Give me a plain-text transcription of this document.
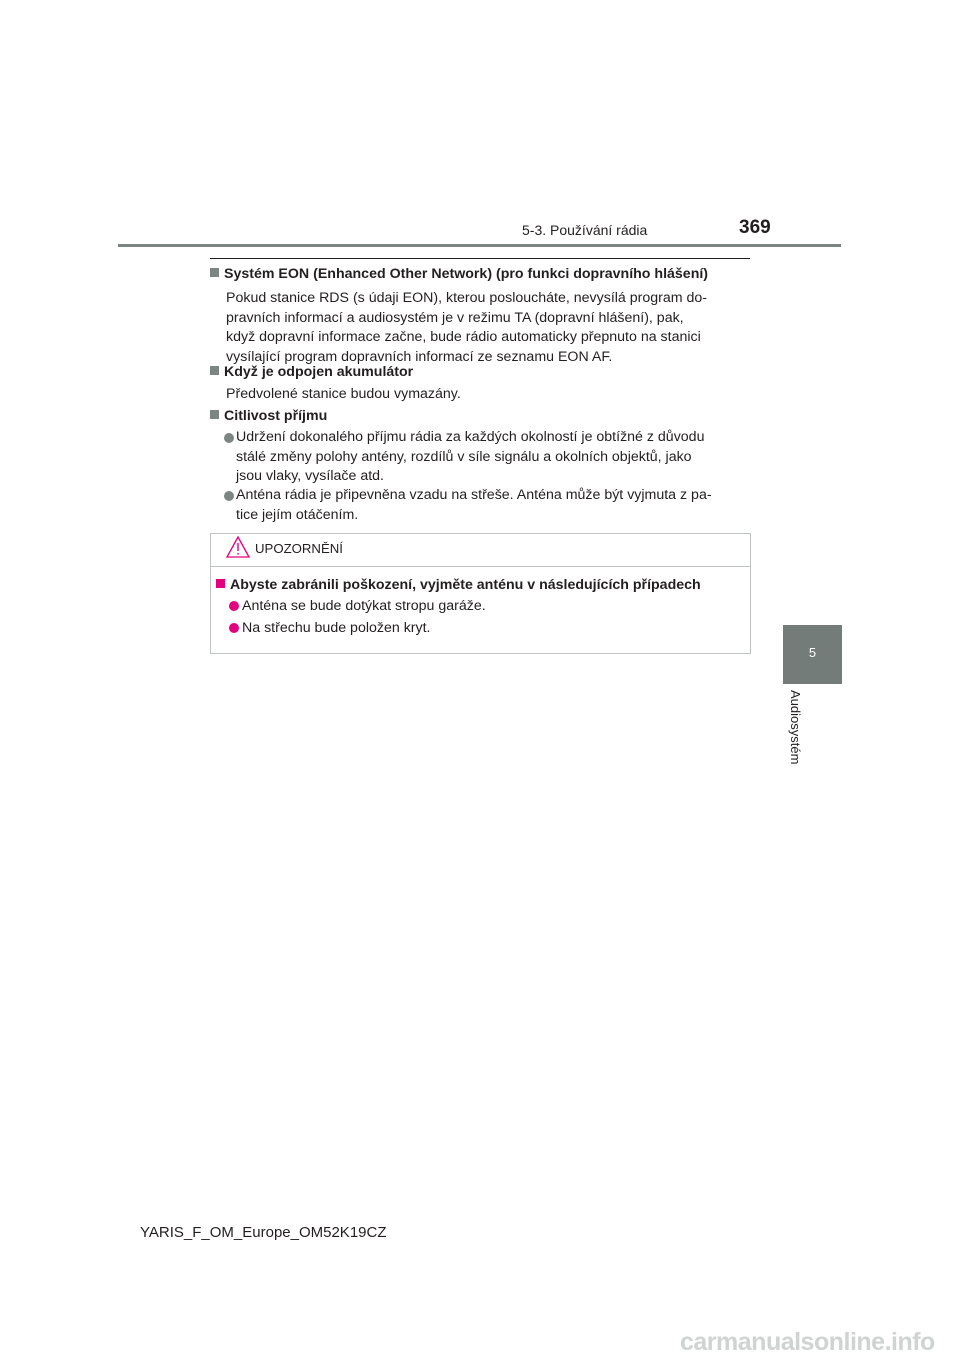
5-3. Používání rádia	369
5
Audiosystém
Systém EON (Enhanced Other Network) (pro funkci dopravního hlášení)
Pokud stanice RDS (s údaji EON), kterou posloucháte, nevysílá program do-
pravních informací a audiosystém je v režimu TA (dopravní hlášení), pak,
když dopravní informace začne, bude rádio automaticky přepnuto na stanici
vysílající program dopravních informací ze seznamu EON AF.
Když je odpojen akumulátor
Předvolené stanice budou vymazány.
Citlivost příjmu
Udržení dokonalého příjmu rádia za každých okolností je obtížné z důvodu
stálé změny polohy antény, rozdílů v síle signálu a okolních objektů, jako
jsou vlaky, vysílače atd.
Anténa rádia je připevněna vzadu na střeše. Anténa může být vyjmuta z pa-
tice jejím otáčením.
UPOZORNĚNÍ
Abyste zabránili poškození, vyjměte anténu v následujících případech
Anténa se bude dotýkat stropu garáže.
Na střechu bude položen kryt.
YARIS_F_OM_Europe_OM52K19CZ
carmanualsonline.info
